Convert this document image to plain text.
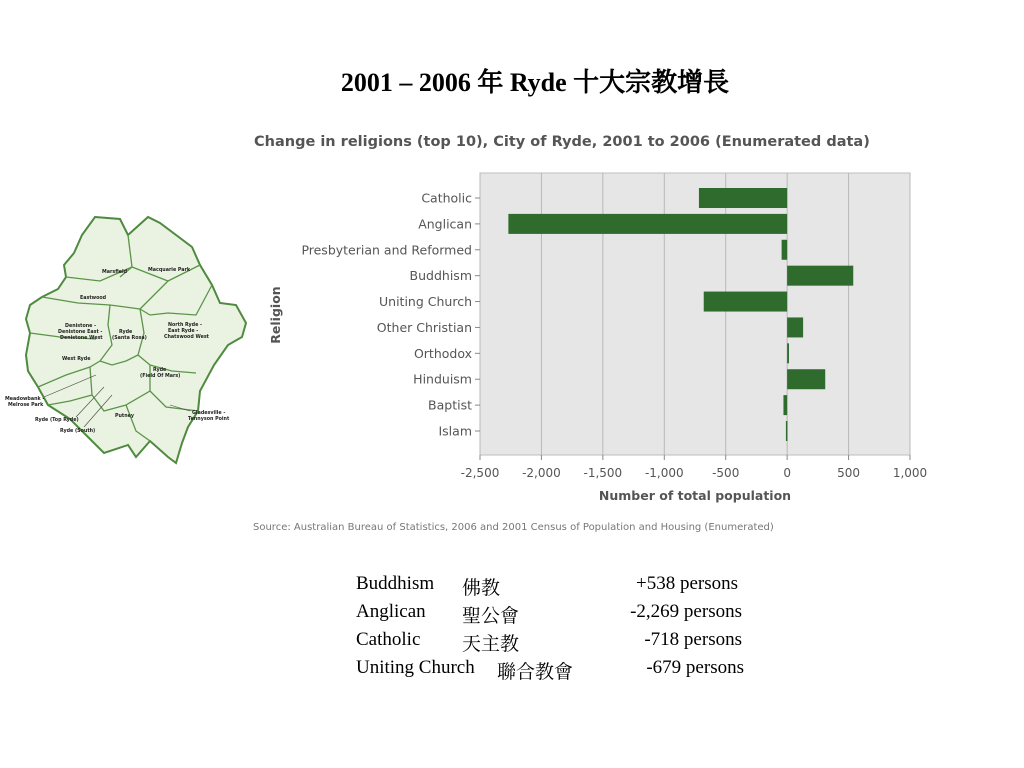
2001 – 2006 年 Ryde 十大宗教增長
Marsfield	Macquarie Park
Eastwood
Denistone -
Denistone East -
Denistone West
Ryde
(Santa Rosa)
North Ryde -
East Ryde -
Chatswood West
West Ryde
Ryde
(Field Of Mars)
Meadowbank -
Melrose Park
Putney
Ryde (Top Ryde)
Ryde (South)
Gladesville -
Tennyson Point
Change in religions (top 10), City of Ryde, 2001 to 2006 (Enumerated data)
Catholic
Anglican
Presbyterian and Reformed
Buddhism
Uniting Church
Other Christian
Orthodox
Hinduism
Baptist
Islam
-2,500 -2,000 -1,500 -1,000 -500	0	500	1,000
Number of total population
Religion
Source: Australian Bureau of Statistics, 2006 and 2001 Census of Population and Housing (Enumerated)
Buddhism 佛教	+538 persons
Anglican 聖公會	-2,269 persons
Catholic 天主教	-718 persons
Uniting Church 聯合教會	-679 persons
